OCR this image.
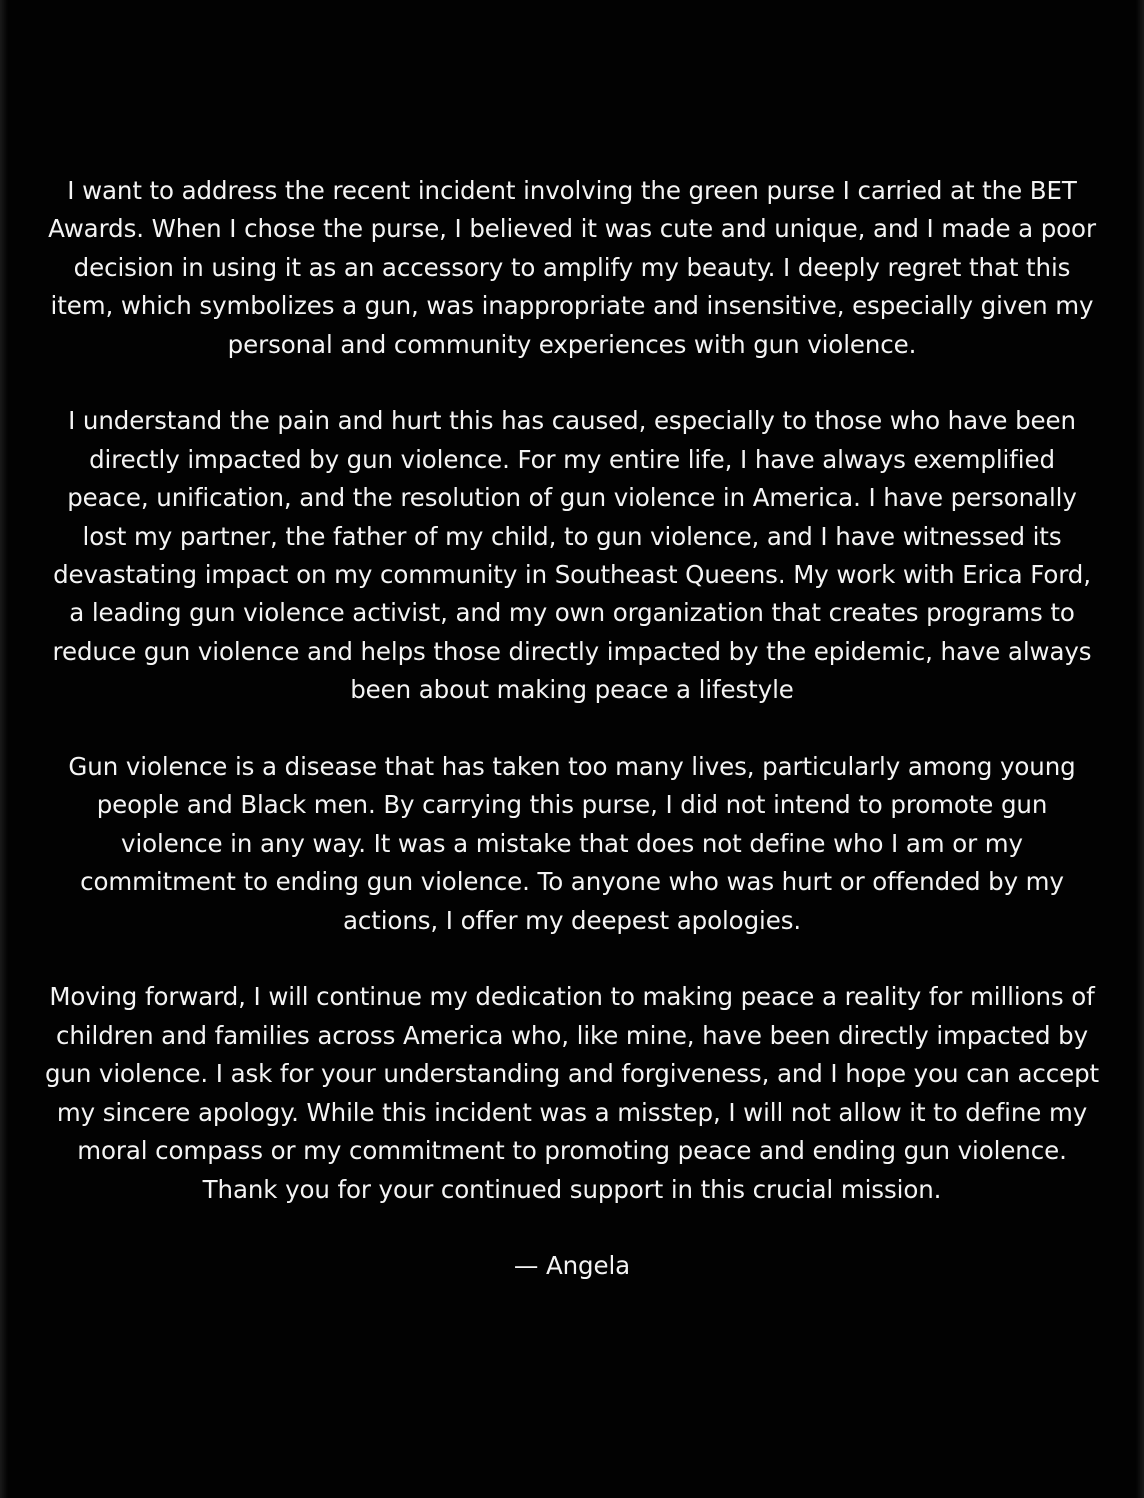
I want to address the recent incident involving the green purse I carried at the BET
Awards. When I chose the purse, I believed it was cute and unique, and I made a poor
decision in using it as an accessory to amplify my beauty. I deeply regret that this
item, which symbolizes a gun, was inappropriate and insensitive, especially given my
personal and community experiences with gun violence.

I understand the pain and hurt this has caused, especially to those who have been
directly impacted by gun violence. For my entire life, I have always exemplified
peace, unification, and the resolution of gun violence in America. I have personally
lost my partner, the father of my child, to gun violence, and I have witnessed its
devastating impact on my community in Southeast Queens. My work with Erica Ford,
a leading gun violence activist, and my own organization that creates programs to
reduce gun violence and helps those directly impacted by the epidemic, have always
been about making peace a lifestyle

Gun violence is a disease that has taken too many lives, particularly among young
people and Black men. By carrying this purse, I did not intend to promote gun
violence in any way. It was a mistake that does not define who I am or my
commitment to ending gun violence. To anyone who was hurt or offended by my
actions, I offer my deepest apologies.

Moving forward, I will continue my dedication to making peace a reality for millions of
children and families across America who, like mine, have been directly impacted by
gun violence. I ask for your understanding and forgiveness, and I hope you can accept
my sincere apology. While this incident was a misstep, I will not allow it to define my
moral compass or my commitment to promoting peace and ending gun violence.
Thank you for your continued support in this crucial mission.

— Angela
